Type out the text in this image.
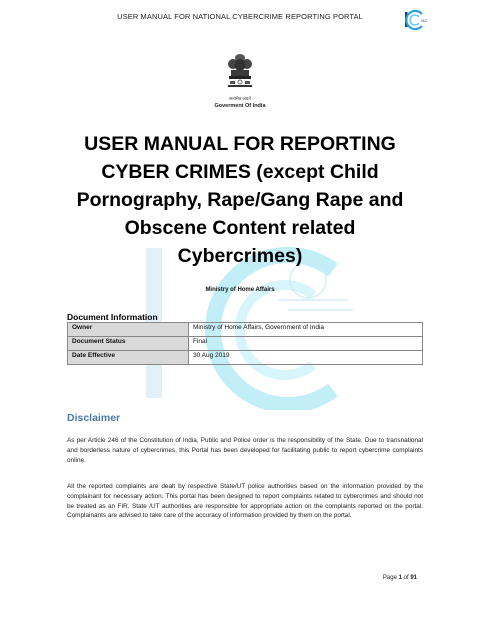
USER MANUAL FOR NATIONAL CYBERCRIME REPORTING PORTAL	I4C
सत्यमेव जयते
Goverment Of India
USER MANUAL FOR REPORTING CYBER CRIMES (except Child Pornography, Rape/Gang Rape and Obscene Content related Cybercrimes)
Ministry of Home Affairs
Document Information
Owner	Ministry of Home Affairs, Government of India
Document Status	Final
Date Effective	30 Aug 2019
Disclaimer

As per Article 246 of the Constitution of India, Public and Police order is the responsibility of the State. Due to transnational and borderless nature of cybercrimes, this Portal has been developed for facilitating public to report cybercrime complaints online.

All the reported complaints are dealt by respective State/UT police authorities based on the information provided by the complainant for necessary action. This portal has been designed to report complaints related to cybercrimes and should not be treated as an FIR. State /UT authorities are responsible for appropriate action on the complaints reported on the portal. Complainants are advised to take care of the accuracy of information provided by them on the portal.

Page 1 of 91
